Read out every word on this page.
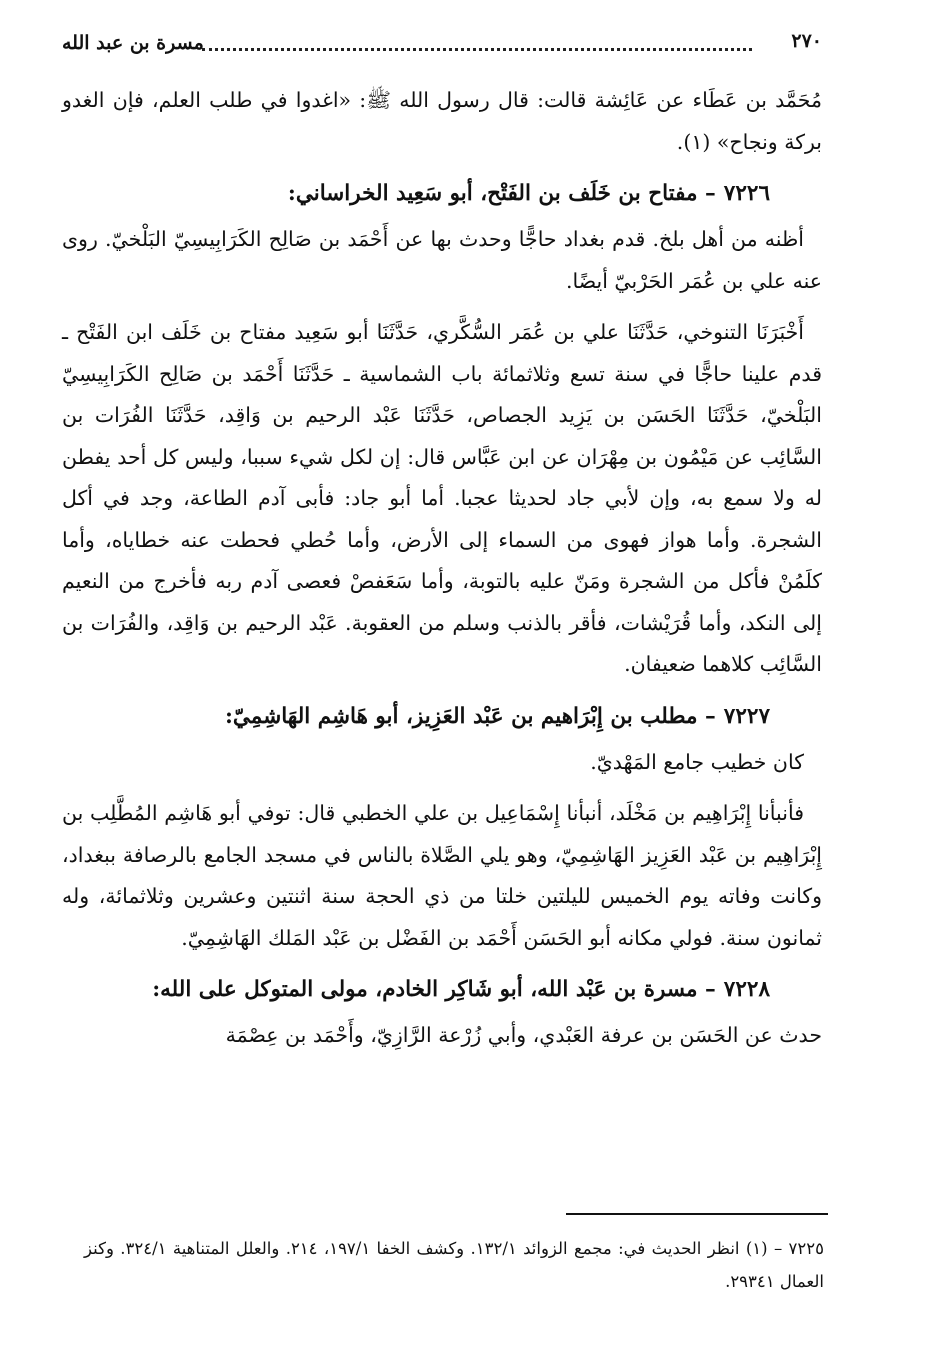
٢٧٠
مسرة بن عبد الله

مُحَمَّد بن عَطَاء عن عَائِشة قالت: قال رسول الله ﷺ: «اغدوا في طلب العلم، فإن الغدو بركة ونجاح» (١).

٧٢٢٦– مفتاح بن خَلَف بن الفَتْح، أبو سَعِيد الخراساني:

أظنه من أهل بلخ. قدم بغداد حاجًّا وحدث بها عن أَحْمَد بن صَالِح الكَرَابِيسِيّ البَلْخيّ. روى عنه علي بن عُمَر الحَرْبيّ أيضًا.

أَخْبَرَنَا التنوخي، حَدَّثَنَا علي بن عُمَر السُّكَّري، حَدَّثَنَا أبو سَعِيد مفتاح بن خَلَف ابن الفَتْح ـ قدم علينا حاجًّا في سنة تسع وثلاثمائة باب الشماسية ـ حَدَّثَنَا أَحْمَد بن صَالِح الكَرَابِيسِيّ البَلْخيّ، حَدَّثَنَا الحَسَن بن يَزِيد الجصاص، حَدَّثَنَا عَبْد الرحيم بن وَاقِد، حَدَّثَنَا الفُرَات بن السَّائِب عن مَيْمُون بن مِهْرَان عن ابن عَبَّاس قال: إن لكل شيء سببا، وليس كل أحد يفطن له ولا سمع به، وإن لأبي جاد لحديثا عجبا. أما أبو جاد: فأبى آدم الطاعة، وجد في أكل الشجرة. وأما هواز فهوى من السماء إلى الأرض، وأما حُطي فحطت عنه خطاياه، وأما كلَمُنْ فأكل من الشجرة ومَنّ عليه بالتوبة، وأما سَعَفصْ فعصى آدم ربه فأخرج من النعيم إلى النكد، وأما قُرَيْشات، فأقر بالذنب وسلم من العقوبة. عَبْد الرحيم بن وَاقِد، والفُرَات بن السَّائِب كلاهما ضعيفان.

٧٢٢٧– مطلب بن إِبْرَاهيم بن عَبْد العَزِيز، أبو هَاشِم الهَاشِمِيّ:

كان خطيب جامع المَهْديّ.

فأنبأنا إِبْرَاهِيم بن مَخْلَد، أنبأنا إِسْمَاعِيل بن علي الخطبي قال: توفي أبو هَاشِم المُطَّلِب بن إِبْرَاهِيم بن عَبْد العَزِيز الهَاشِمِيّ، وهو يلي الصَّلاة بالناس في مسجد الجامع بالرصافة ببغداد، وكانت وفاته يوم الخميس لليلتين خلتا من ذي الحجة سنة اثنتين وعشرين وثلاثمائة، وله ثمانون سنة. فولي مكانه أبو الحَسَن أَحْمَد بن الفَضْل بن عَبْد المَلك الهَاشِمِيّ.

٧٢٢٨– مسرة بن عَبْد الله، أبو شَاكِر الخادم، مولى المتوكل على الله:

حدث عن الحَسَن بن عرفة العَبْدي، وأبي زُرْعة الرَّازِيّ، وأَحْمَد بن عِصْمَة

٧٢٢٥ – (١) انظر الحديث في: مجمع الزوائد ١٣٢/١. وكشف الخفا ١٩٧/١، ٢١٤. والعلل المتناهية ٣٢٤/١. وكنز العمال ٢٩٣٤١.
